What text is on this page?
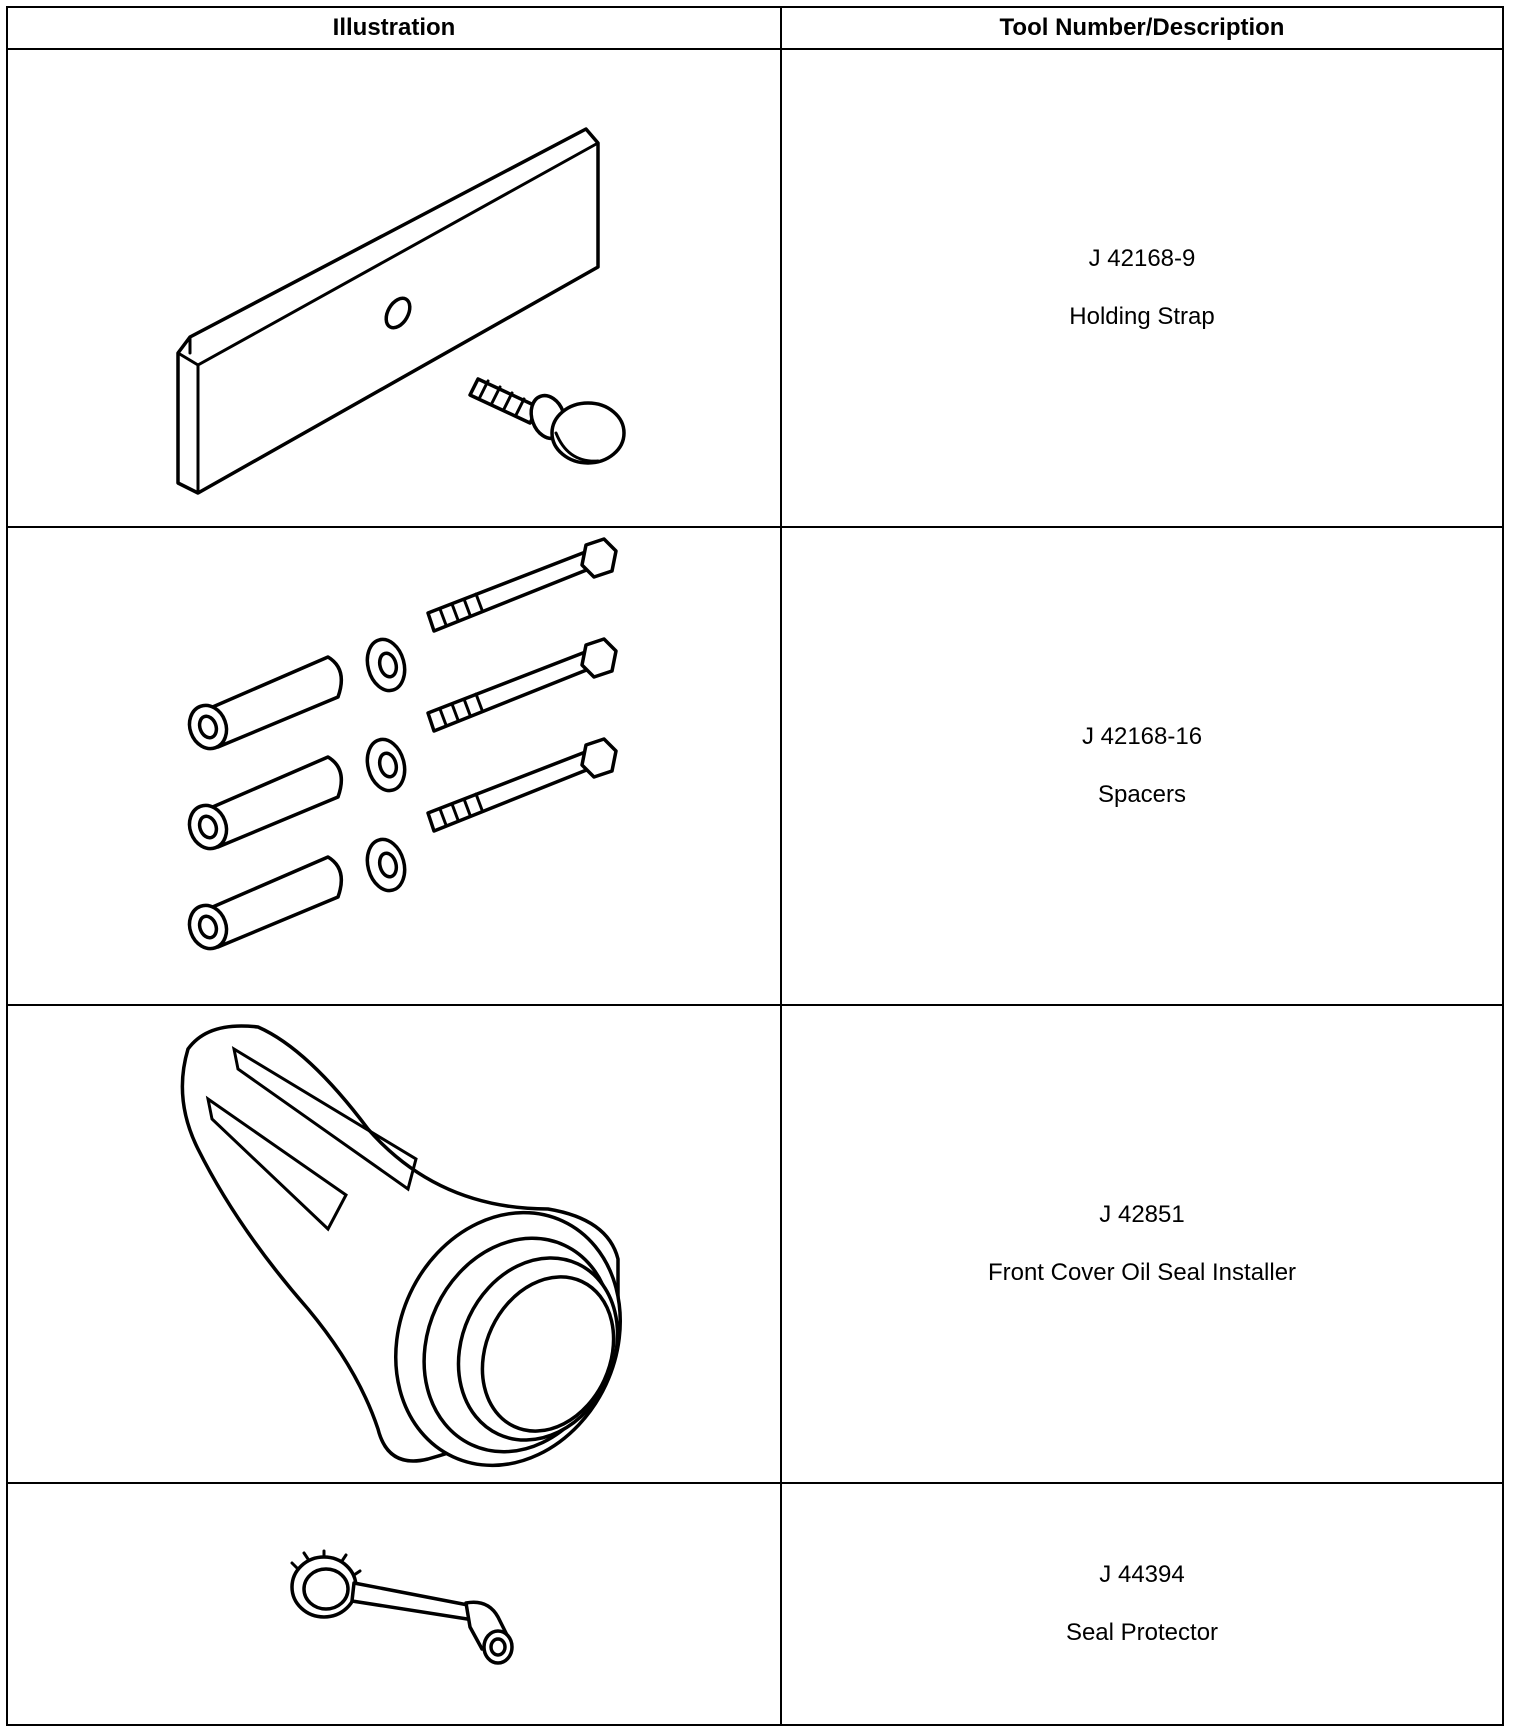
Illustration	Tool Number/Description

J 42168-9
Holding Strap

J 42168-16
Spacers

J 42851
Front Cover Oil Seal Installer

J 44394
Seal Protector
